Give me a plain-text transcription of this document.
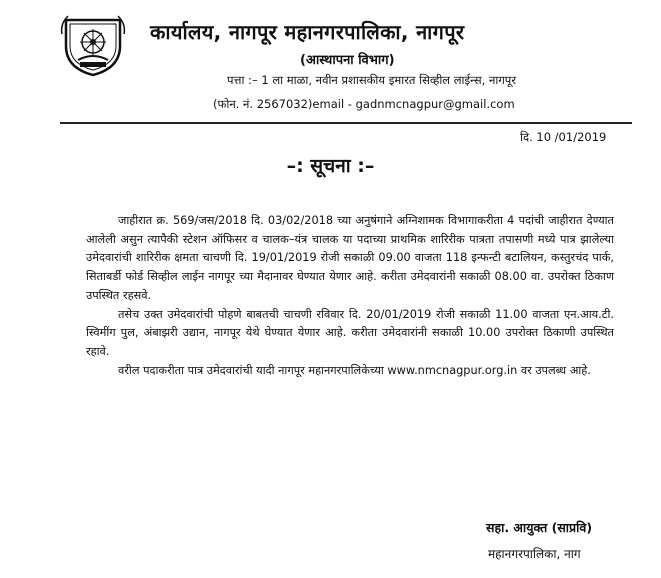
कार्यालय, नागपूर महानगरपालिका, नागपूर
(आस्थापना विभाग)
पत्ता :– 1 ला माळा, नवीन प्रशासकीय इमारत सिव्हील लाईन्स, नागपूर
(फोन. नं. 2567032)email - gadnmcnagpur@gmail.com
दि. 10 /01/2019
–: सूचना :–

जाहीरात क्र. 569/जस/2018 दि. 03/02/2018 च्या अनुषंगाने अग्निशामक विभागाकरीता 4 पदांची जाहीरात देण्यात आलेली असुन त्यापैकी स्टेशन ऑफिसर व चालक–यंत्र चालक या पदाच्या प्राथमिक शारिरीक पात्रता तपासणी मध्ये पात्र झालेल्या उमेदवारांची शारिरीक क्षमता चाचणी दि. 19/01/2019 रोजी सकाळी 09.00 वाजता 118 इन्फन्टी बटालियन, कस्तुरचंद पार्क, सिताबर्डी फोर्ड सिव्हील लाईन नागपूर च्या मैदानावर घेण्यात येणार आहे. करीता उमेदवारांनी सकाळी 08.00 वा. उपरोक्त ठिकाण उपस्थित रहसवे.

तसेच उक्त उमेदवारांची पोहणे बाबतची चाचणी रविवार दि. 20/01/2019 रोजी सकाळी 11.00 वाजता एन.आय.टी. स्विमींग पुल, अंबाझरी उद्यान, नागपूर येथे घेण्यात येणार आहे. करीता उमेदवारांनी सकाळी 10.00 उपरोक्त ठिकाणी उपस्थित रहावे.

वरील पदाकरीता पात्र उमेदवारांची यादी नागपूर महानगरपालिकेच्या www.nmcnagpur.org.in वर उपलब्ध आहे.

सहा. आयुक्त (साप्रवि)
महानगरपालिका, नाग
